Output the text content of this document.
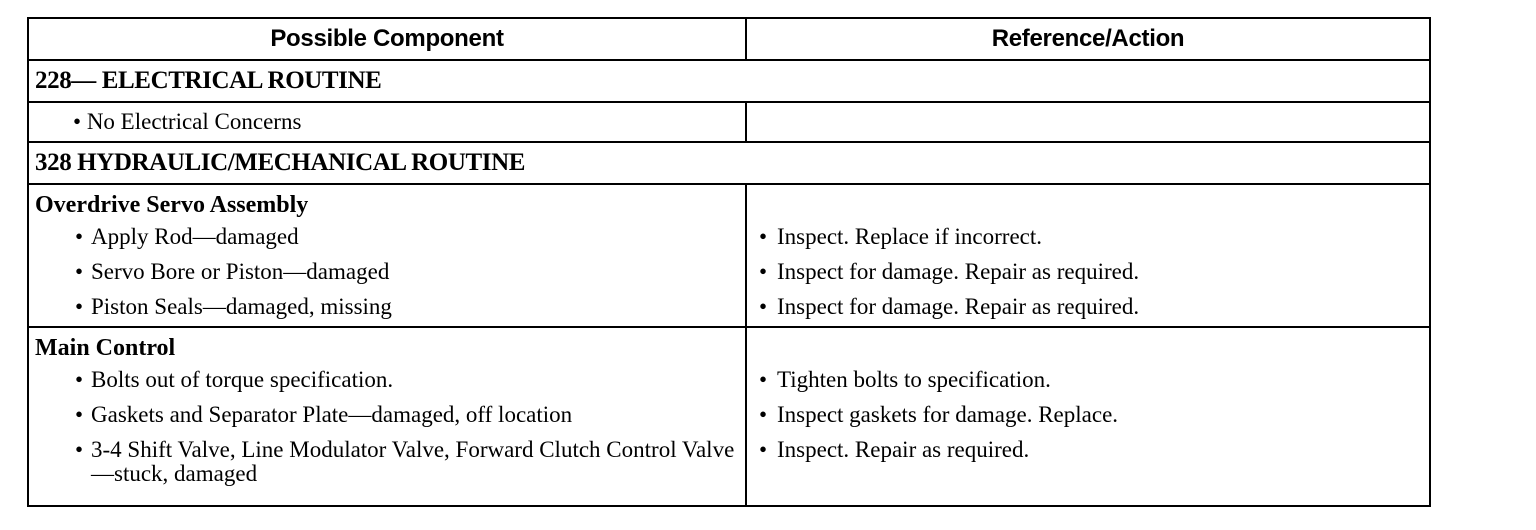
Possible Component	Reference/Action
228— ELECTRICAL ROUTINE
•
No Electrical Concerns
328 HYDRAULIC/MECHANICAL ROUTINE
Overdrive Servo Assembly
• Apply Rod—damaged
• Servo Bore or Piston—damaged
• Piston Seals—damaged, missing
• Inspect. Replace if incorrect.
• Inspect for damage. Repair as required.
• Inspect for damage. Repair as required.
Main Control
• Bolts out of torque specification.
• Gaskets and Separator Plate—damaged, off location
• 3-4 Shift Valve, Line Modulator Valve, Forward Clutch Control Valve—stuck, damaged
• Tighten bolts to specification.
• Inspect gaskets for damage. Replace.
• Inspect. Repair as required.
